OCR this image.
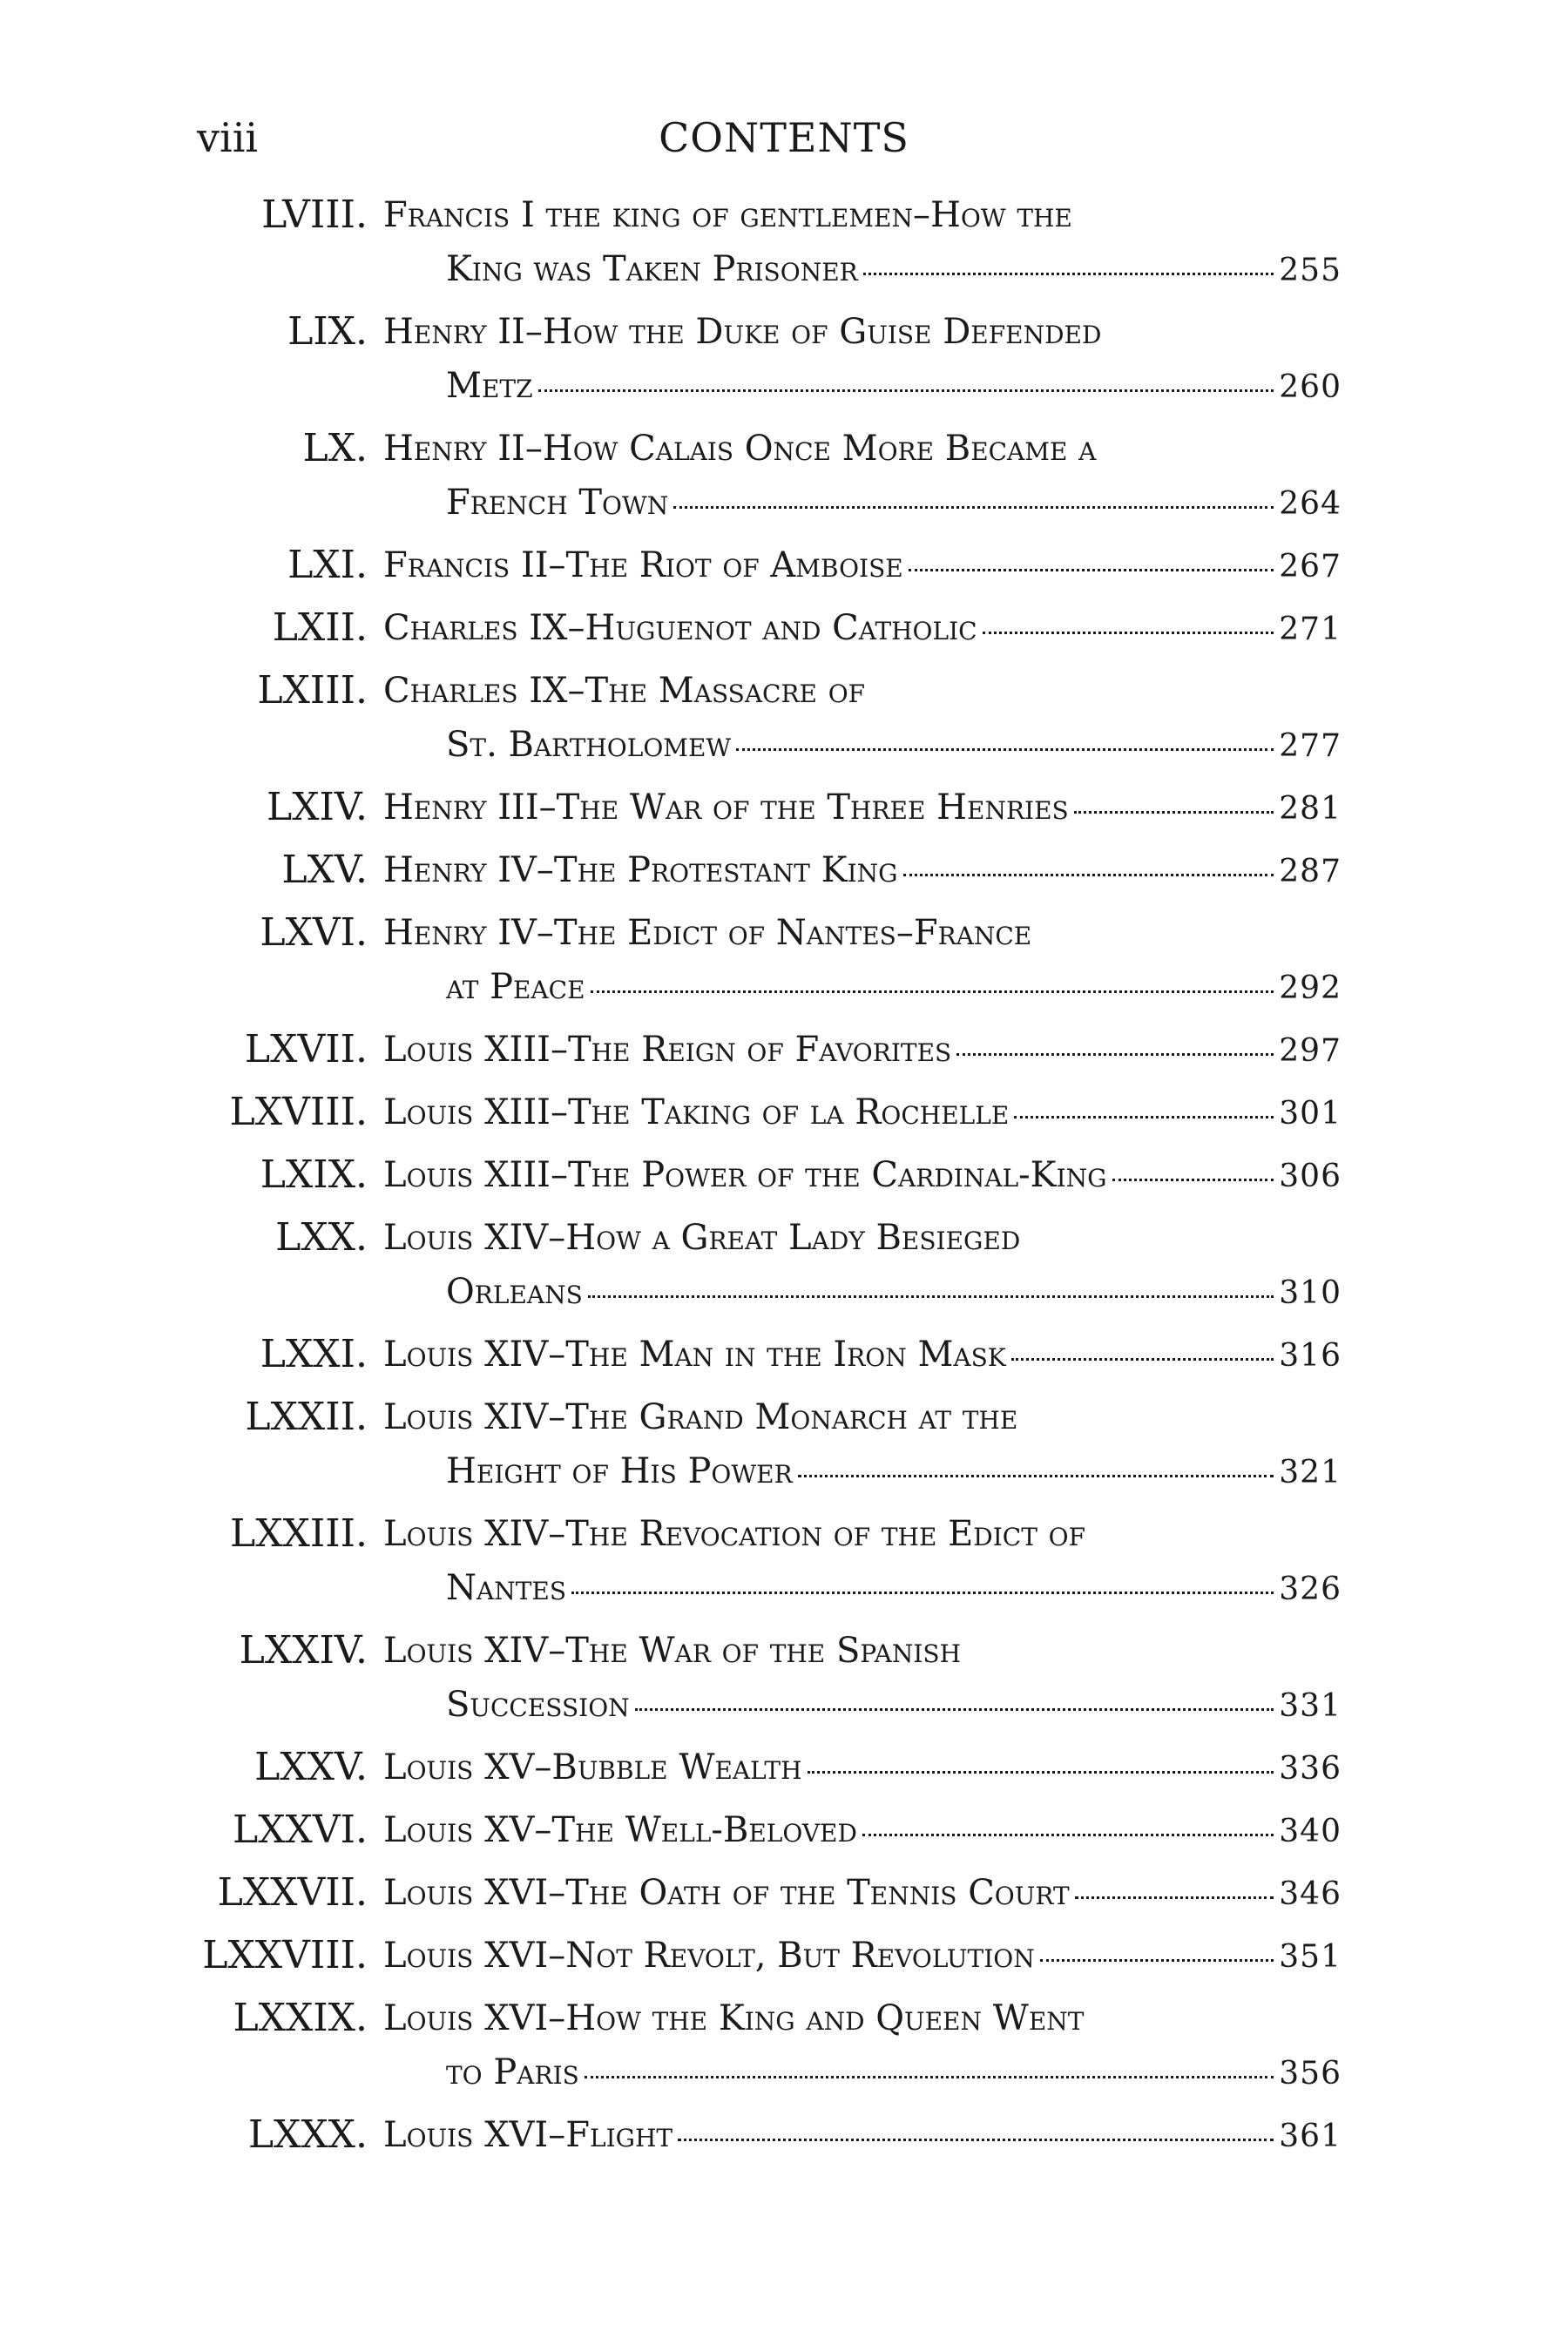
viii	CONTENTS
LVIII. Francis I the king of gentlemen–How the
King was Taken Prisoner	255
LIX. Henry II–How the Duke of Guise Defended
Metz	260
LX. Henry II–How Calais Once More Became a
French Town	264
LXI. Francis II–The Riot of Amboise	267
LXII. Charles IX–Huguenot and Catholic	271
LXIII. Charles IX–The Massacre of
St. Bartholomew	277
LXIV. Henry III–The War of the Three Henries	281
LXV. Henry IV–The Protestant King	287
LXVI. Henry IV–The Edict of Nantes–France
at Peace	292
LXVII. Louis XIII–The Reign of Favorites	297
LXVIII. Louis XIII–The Taking of la Rochelle	301
LXIX. Louis XIII–The Power of the Cardinal-King	306
LXX. Louis XIV–How a Great Lady Besieged
Orleans	310
LXXI. Louis XIV–The Man in the Iron Mask	316
LXXII. Louis XIV–The Grand Monarch at the
Height of His Power	321
LXXIII. Louis XIV–The Revocation of the Edict of
Nantes	326
LXXIV. Louis XIV–The War of the Spanish
Succession	331
LXXV. Louis XV–Bubble Wealth	336
LXXVI. Louis XV–The Well-Beloved	340
LXXVII. Louis XVI–The Oath of the Tennis Court	346
LXXVIII. Louis XVI–Not Revolt, But Revolution	351
LXXIX. Louis XVI–How the King and Queen Went
to Paris	356
LXXX. Louis XVI–Flight	361
